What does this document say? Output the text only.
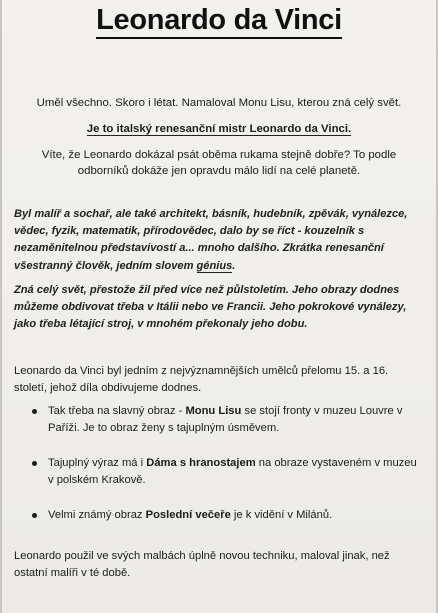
Leonardo da Vinci
Uměl všechno. Skoro i létat. Namaloval Monu Lisu, kterou zná celý svět.
Je to italský renesanční mistr Leonardo da Vinci.
Víte, že Leonardo dokázal psát oběma rukama stejně dobře? To podle odborníků dokáže jen opravdu málo lidí na celé planetě.
Byl malíř a sochař, ale také architekt, básník, hudebník, zpěvák, vynálezce, vědec, fyzik, matematik, přírodovědec, dalo by se říct - kouzelník s nezaměnitelnou představivostí a... mnoho dalšího. Zkrátka renesanční všestranný člověk, jedním slovem génius.
Zná celý svět, přestože žil před více než půlstoletím. Jeho obrazy dodnes můžeme obdivovat třeba v Itálii nebo ve Francii. Jeho pokrokové vynálezy, jako třeba létající stroj, v mnohém překonaly jeho dobu.
Leonardo da Vinci byl jedním z nejvýznamnějších umělců přelomu 15. a 16. století, jehož díla obdivujeme dodnes.
Tak třeba na slavný obraz - Monu Lisu se stojí fronty v muzeu Louvre v Paříži. Je to obraz ženy s tajuplným úsměvem.
Tajuplný výraz má i Dáma s hranostajem na obraze vystaveném v muzeu v polském Krakově.
Velmi známý obraz Poslední večeře je k vidění v Milánů.
Leonardo použil ve svých malbách úplně novou techniku, maloval jinak, než ostatní malíři v té době.
